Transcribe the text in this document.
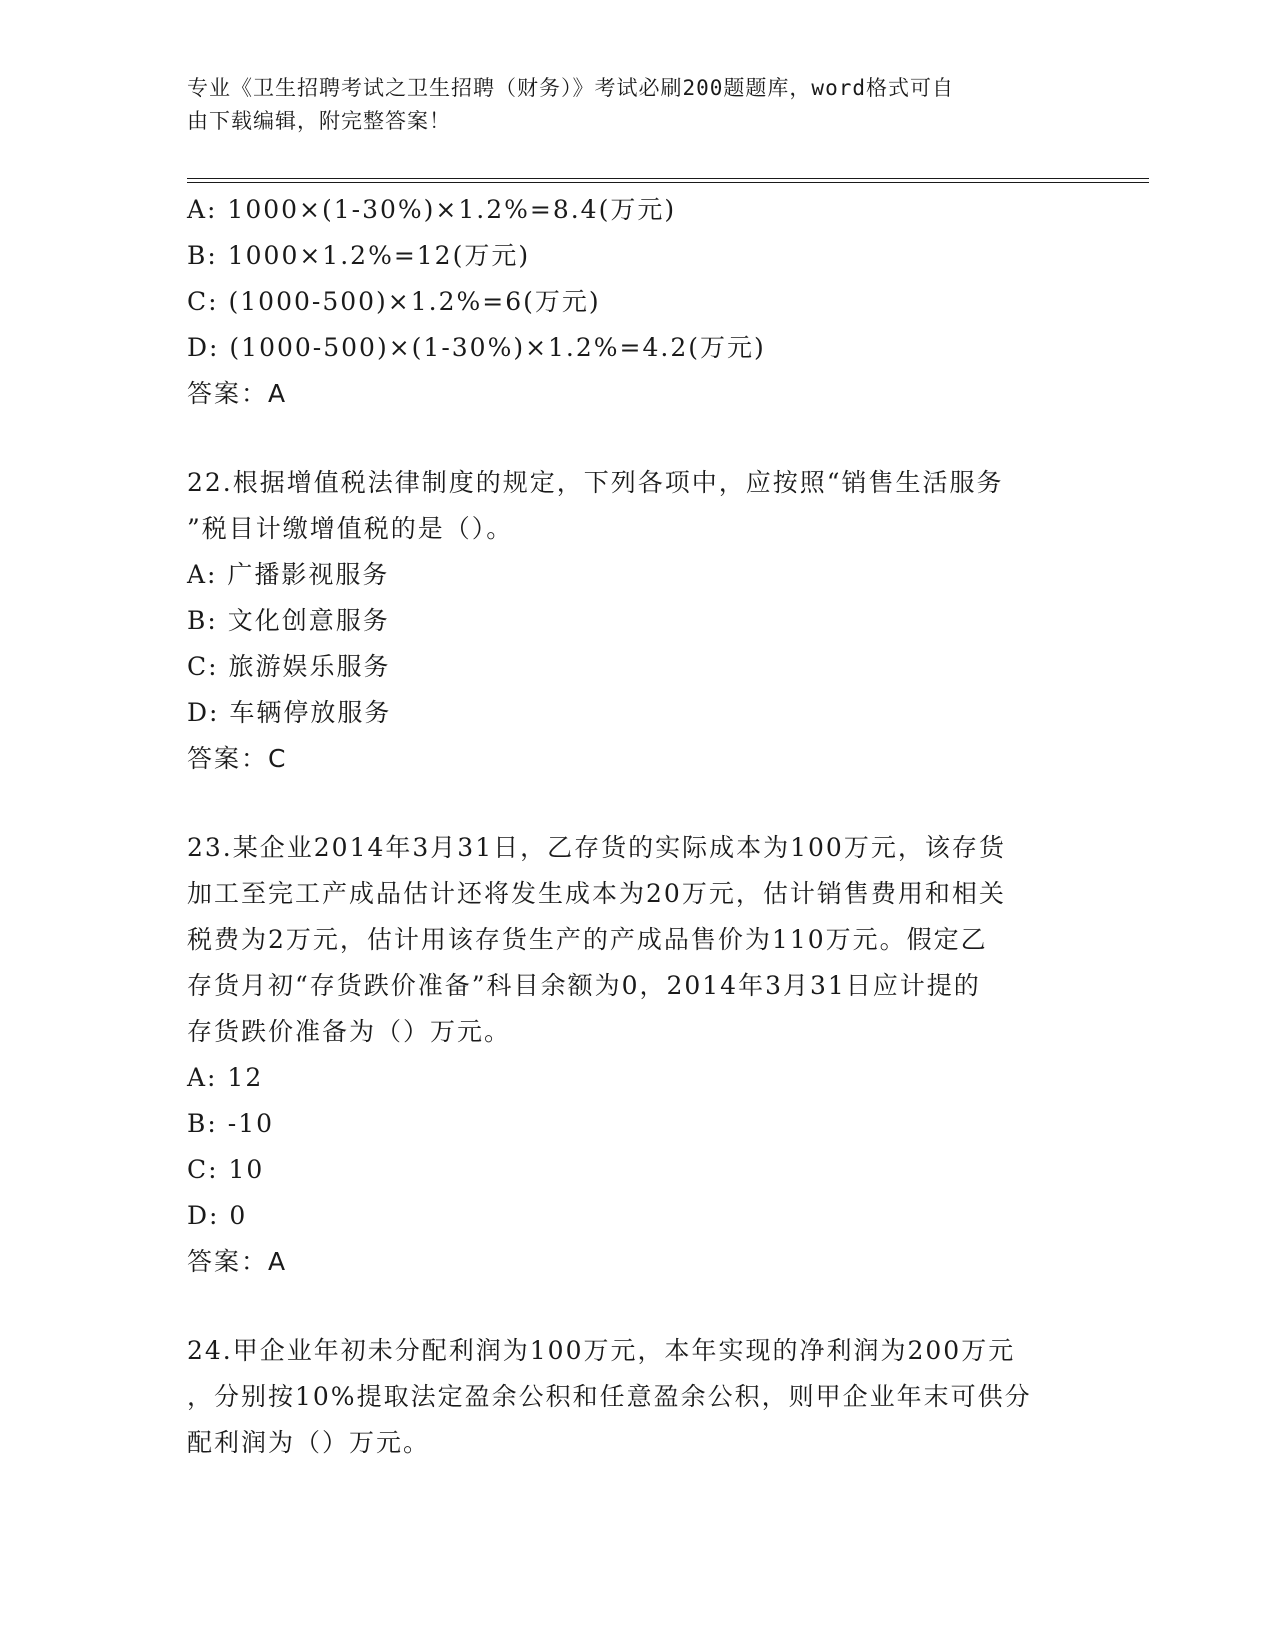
专业《卫生招聘考试之卫生招聘（财务）》考试必刷200题题库，word格式可自
由下载编辑，附完整答案！
A: 1000×(1-30%)×1.2%=8.4(万元)
B: 1000×1.2%=12(万元)
C: (1000-500)×1.2%=6(万元)
D: (1000-500)×(1-30%)×1.2%=4.2(万元)
答案：A
22.根据增值税法律制度的规定，下列各项中，应按照“销售生活服务
”税目计缴增值税的是（）。
A: 广播影视服务
B: 文化创意服务
C: 旅游娱乐服务
D: 车辆停放服务
答案：C
23.某企业2014年3月31日，乙存货的实际成本为100万元，该存货
加工至完工产成品估计还将发生成本为20万元，估计销售费用和相关
税费为2万元，估计用该存货生产的产成品售价为110万元。假定乙
存货月初“存货跌价准备”科目余额为0，2014年3月31日应计提的
存货跌价准备为（）万元。
A: 12
B: -10
C: 10
D: 0
答案：A
24.甲企业年初未分配利润为100万元，本年实现的净利润为200万元
，分别按10%提取法定盈余公积和任意盈余公积，则甲企业年末可供分
配利润为（）万元。
